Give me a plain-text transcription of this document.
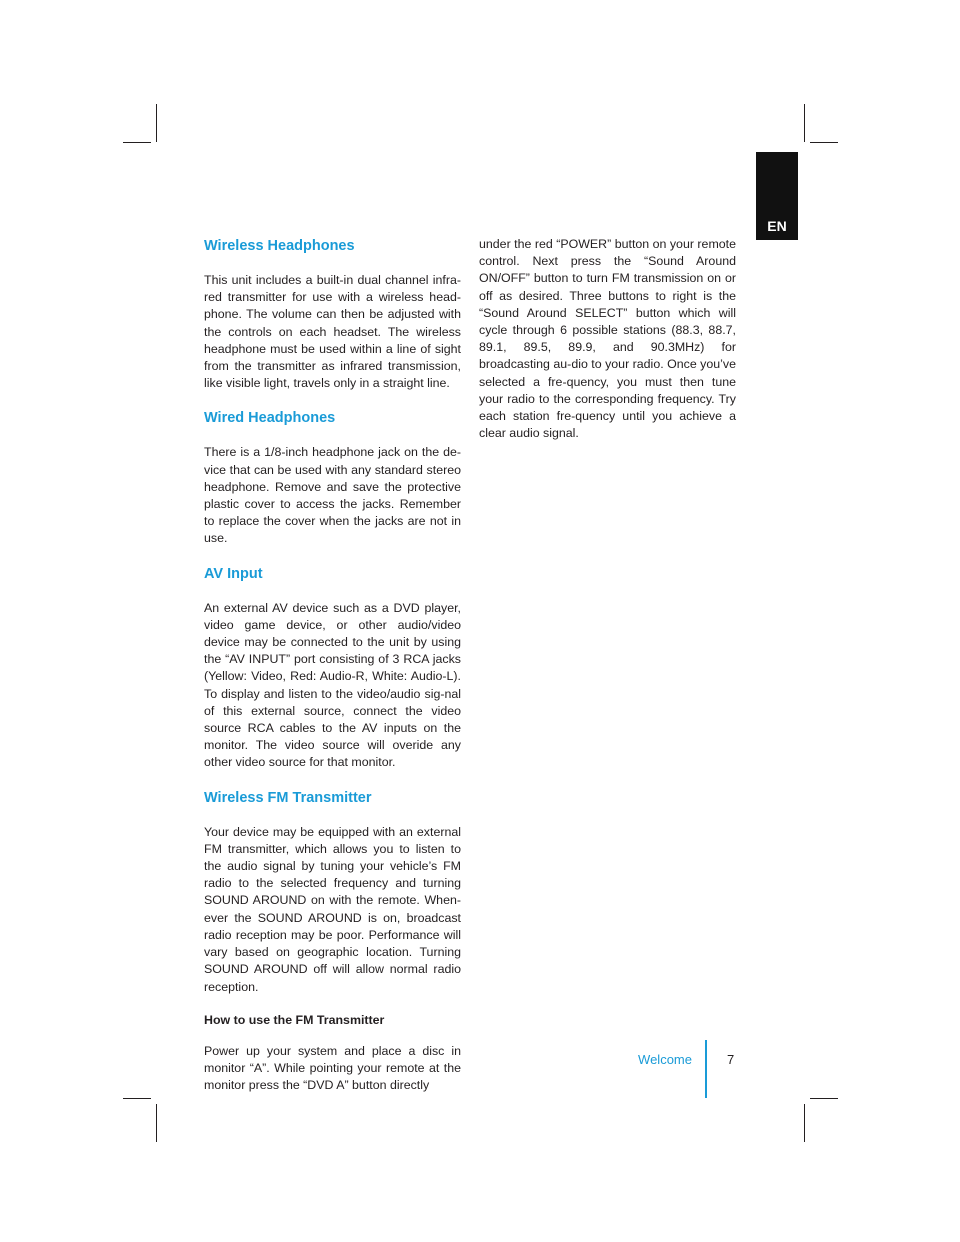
EN
Wireless Headphones

This unit includes a built-in dual channel infra-red transmitter for use with a wireless head-phone. The volume can then be adjusted with the controls on each headset. The wireless headphone must be used within a line of sight from the transmitter as infrared transmission, like visible light, travels only in a straight line.

Wired Headphones

There is a 1/8-inch headphone jack on the de-vice that can be used with any standard stereo headphone. Remove and save the protective plastic cover to access the jacks. Remember to replace the cover when the jacks are not in use.

AV Input

An external AV device such as a DVD player, video game device, or other audio/video device may be connected to the unit by using the “AV INPUT” port consisting of 3 RCA jacks (Yellow: Video, Red: Audio-R, White: Audio-L). To display and listen to the video/audio sig-nal of this external source, connect the video source RCA cables to the AV inputs on the monitor. The video source will overide any other video source for that monitor.

Wireless FM Transmitter

Your device may be equipped with an external FM transmitter, which allows you to listen to the audio signal by tuning your vehicle’s FM radio to the selected frequency and turning SOUND AROUND on with the remote. When-ever the SOUND AROUND is on, broadcast radio reception may be poor. Performance will vary based on geographic location. Turning SOUND AROUND off will allow normal radio reception.

How to use the FM Transmitter

Power up your system and place a disc in monitor “A”. While pointing your remote at the monitor press the “DVD A” button directly

under the red “POWER” button on your remote control. Next press the “Sound Around ON/OFF” button to turn FM transmission on or off as desired. Three buttons to right is the “Sound Around SELECT” button which will cycle through 6 possible stations (88.3, 88.7, 89.1, 89.5, 89.9, and 90.3MHz) for broadcasting au-dio to your radio. Once you’ve selected a fre-quency, you must then tune your radio to the corresponding frequency. Try each station fre-quency until you achieve a clear audio signal.

Welcome	7
